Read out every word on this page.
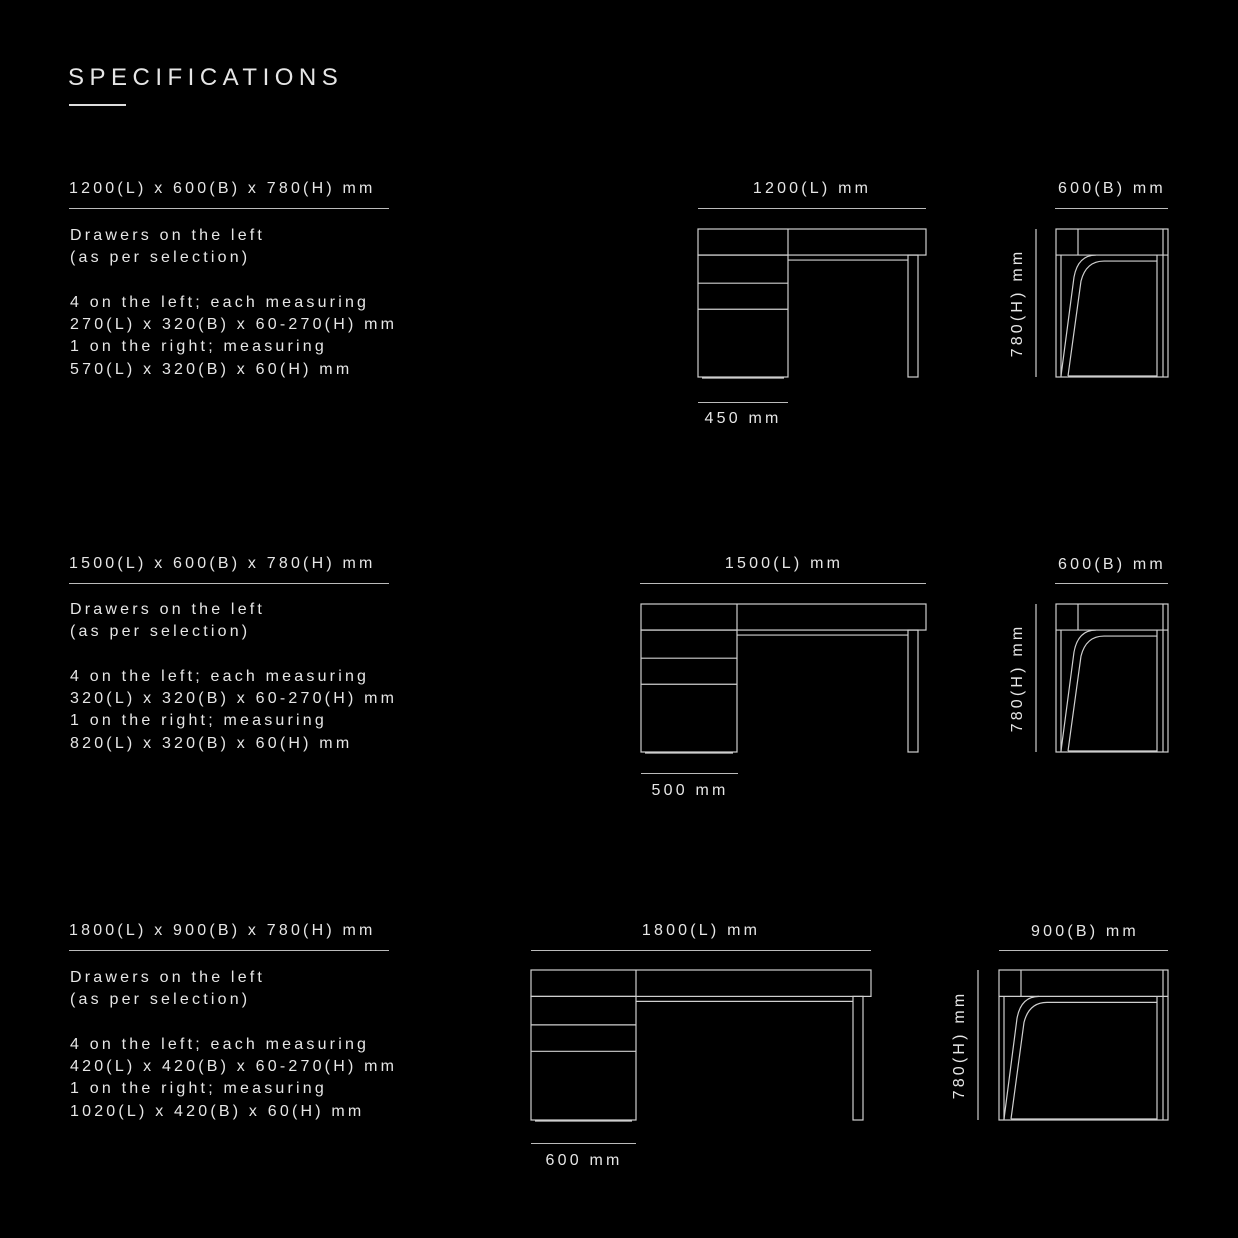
SPECIFICATIONS
1200(L) x 600(B) x 780(H) mm
Drawers on the left
(as per selection)

4 on the left; each measuring
270(L) x 320(B) x 60-270(H) mm
1 on the right; measuring
570(L) x 320(B) x 60(H) mm
1200(L) mm	600(B) mm
780(H) mm
450 mm
1500(L) x 600(B) x 780(H) mm
Drawers on the left
(as per selection)

4 on the left; each measuring
320(L) x 320(B) x 60-270(H) mm
1 on the right; measuring
820(L) x 320(B) x 60(H) mm
1500(L) mm	600(B) mm
780(H) mm
500 mm
1800(L) x 900(B) x 780(H) mm
Drawers on the left
(as per selection)

4 on the left; each measuring
420(L) x 420(B) x 60-270(H) mm
1 on the right; measuring
1020(L) x 420(B) x 60(H) mm
1800(L) mm	900(B) mm
780(H) mm
600 mm
